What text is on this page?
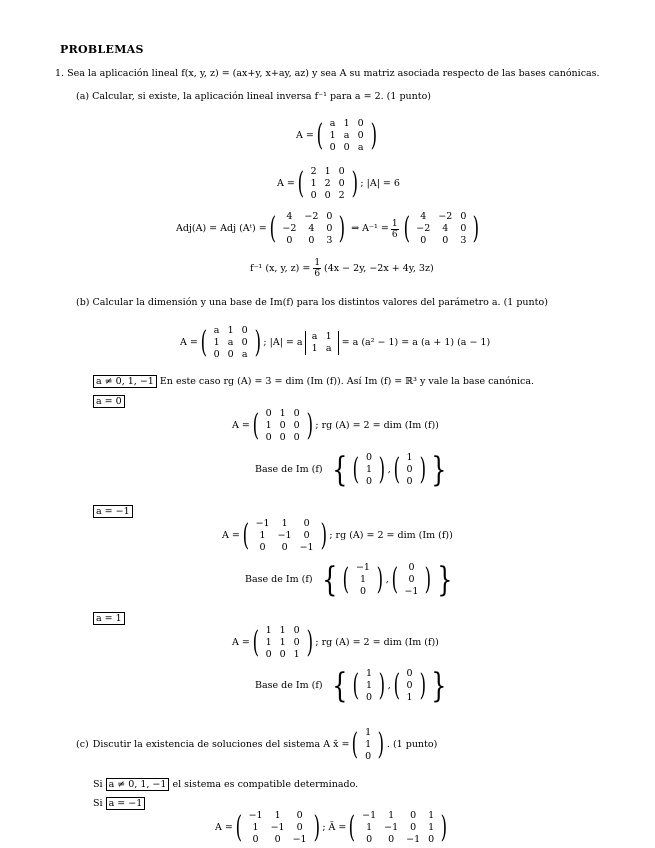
PROBLEMAS
1. Sea la aplicación lineal f(x, y, z) = (ax+y, x+ay, az) y sea A su matriz asociada respecto de las bases canónicas.
(a) Calcular, si existe, la aplicación lineal inversa f⁻¹ para a = 2. (1 punto)
A = ( a	1	0
1	a	0
0	0	a )
A = ( 2	1	0
1	2	0
0	0	2 ) ; |A| = 6
Adj(A) = Adj (Aᵗ) = ( 4	−2	0
−2	4	0
0	0	3 ) ⇒ $A^{-1} = \frac{1}{6}$ ( 4	−2	0
−2	4	0
0	0	3 )
f⁻¹ (x, y, $z) = \frac{1}{6} (4x - 2y$, −2x + 4y, 3z)
(b) Calcular la dimensión y una base de Im(f) para los distintos valores del parámetro a. (1 punto)
A = ( a	1	0
1	a	0
0	0	a ) ; |A| = a
a	1
1	a
= a (a² − 1) = a (a + 1) (a − 1)
a ≠ 0, 1, −1 En este caso rg (A) = 3 = dim (Im (f)). Así Im (f) = ℝ³ y vale la base canónica.
a = 0
A = ( 0	1	0
1	0	0
0	0	0 ) ; rg (A) = 2 = dim (Im (f))
Base de Im (f) { ( 0
1
0 ) , ( 1
0
0 ) }
a = −1
A = ( −1	1	0
1	−1	0
0	0	−1 ) ; rg (A) = 2 = dim (Im (f))
Base de Im (f) { ( −1
1
0 ) , ( 0
0
−1 ) }
a = 1
A = ( 1	1	0
1	1	0
0	0	1 ) ; rg (A) = 2 = dim (Im (f))
Base de Im (f) { ( 1
1
0 ) , ( 0
0
1 ) }
(c) Discutir la existencia de soluciones del sistema A x̄ = ( 1
1
0 ) . (1 punto)
Si a ≠ 0, 1, −1 el sistema es compatible determinado.
Si a = −1
A = ( −1	1	0
1	−1	0
0	0	−1 ) ; Ā = ( −1	1	0	1
1	−1	0	1
0	0	−1	0 )
